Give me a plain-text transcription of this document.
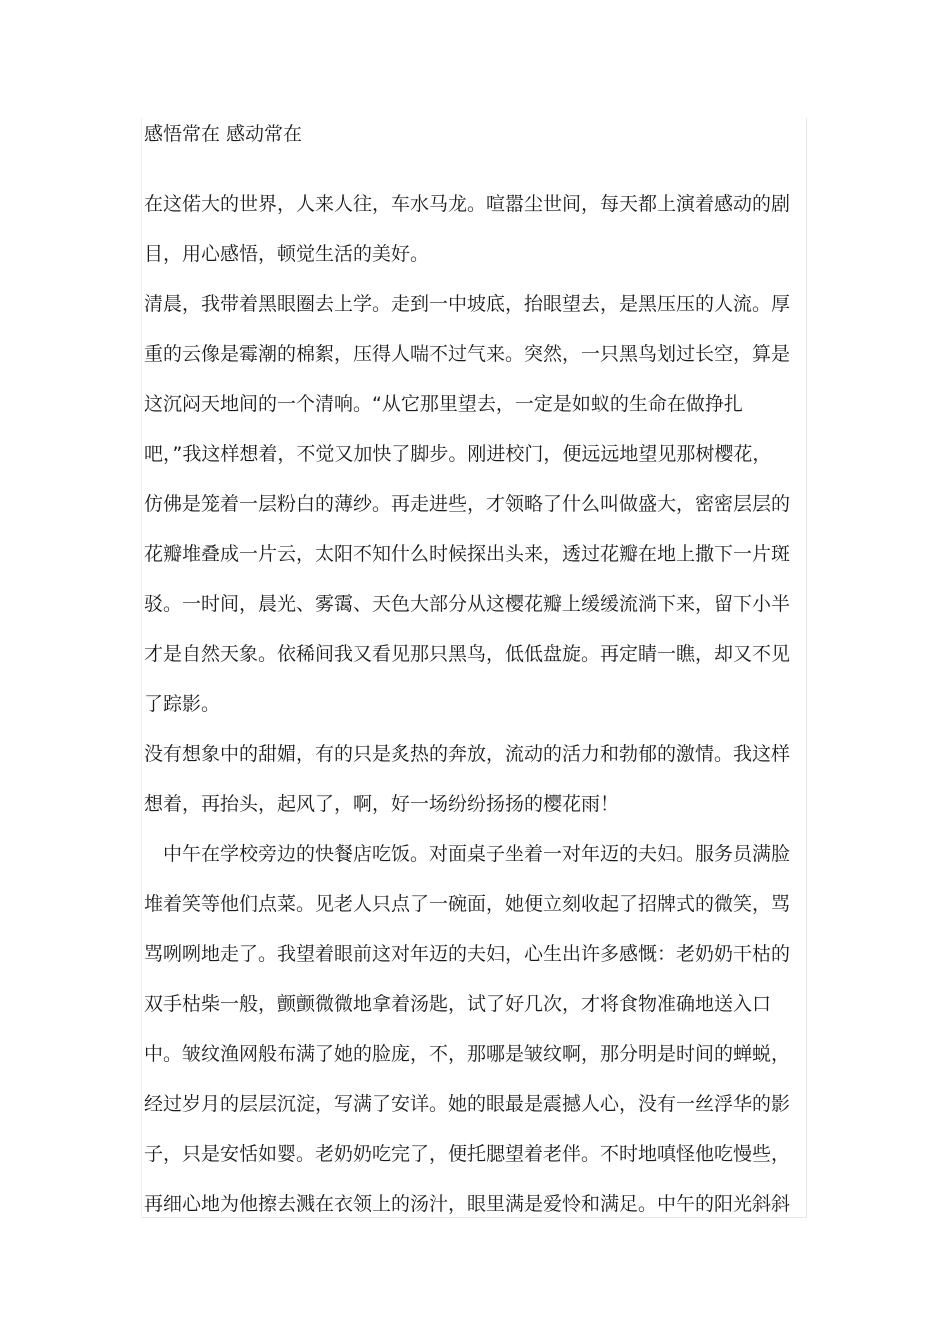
感悟常在 感动常在
在这偌大的世界，人来人往，车水马龙。喧嚣尘世间，每天都上演着感动的剧
目，用心感悟，顿觉生活的美好。
清晨，我带着黑眼圈去上学。走到一中坡底，抬眼望去，是黑压压的人流。厚
重的云像是霉潮的棉絮，压得人喘不过气来。突然，一只黑鸟划过长空，算是
这沉闷天地间的一个清响。“从它那里望去，一定是如蚁的生命在做挣扎
吧，”我这样想着，不觉又加快了脚步。刚进校门，便远远地望见那树樱花，
仿佛是笼着一层粉白的薄纱。再走进些，才领略了什么叫做盛大，密密层层的
花瓣堆叠成一片云，太阳不知什么时候探出头来，透过花瓣在地上撒下一片斑
驳。一时间，晨光、雾霭、天色大部分从这樱花瓣上缓缓流淌下来，留下小半
才是自然天象。依稀间我又看见那只黑鸟，低低盘旋。再定睛一瞧，却又不见
了踪影。
没有想象中的甜媚，有的只是炙热的奔放，流动的活力和勃郁的激情。我这样
想着，再抬头，起风了，啊，好一场纷纷扬扬的樱花雨！
　中午在学校旁边的快餐店吃饭。对面桌子坐着一对年迈的夫妇。服务员满脸
堆着笑等他们点菜。见老人只点了一碗面，她便立刻收起了招牌式的微笑，骂
骂咧咧地走了。我望着眼前这对年迈的夫妇，心生出许多感慨：老奶奶干枯的
双手枯柴一般，颤颤微微地拿着汤匙，试了好几次，才将食物准确地送入口
中。皱纹渔网般布满了她的脸庞，不，那哪是皱纹啊，那分明是时间的蝉蜕，
经过岁月的层层沉淀，写满了安详。她的眼最是震撼人心，没有一丝浮华的影
子，只是安恬如婴。老奶奶吃完了，便托腮望着老伴。不时地嗔怪他吃慢些，
再细心地为他擦去溅在衣领上的汤汁，眼里满是爱怜和满足。中午的阳光斜斜
